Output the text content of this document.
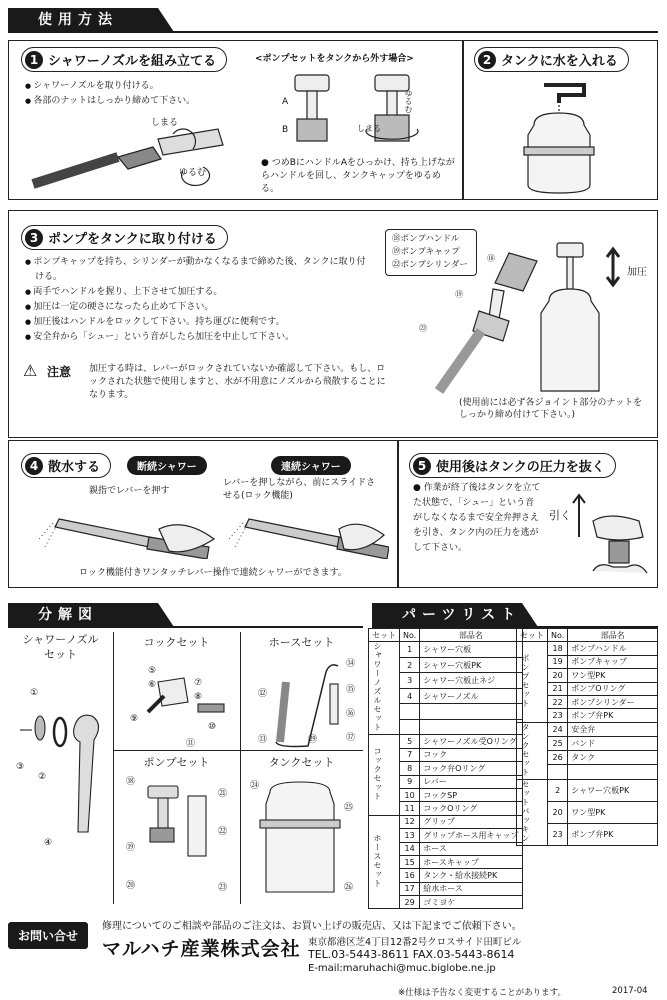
使用方法
1 シャワーノズルを組み立てる
● シャワーノズルを取り付ける。
● 各部のナットはしっかり締めて下さい。
しまる
ゆるむ
<ポンプセットをタンクから外す場合>
A
B
ゆるむ
しまる
● つめBにハンドルAをひっかけ、持ち上げながらハンドルを回し、タンクキャップをゆるめる。
2 タンクに水を入れる
3 ポンプをタンクに取り付ける
● ポンプキャップを持ち、シリンダーが動かなくなるまで締めた後、タンクに取り付ける。
● 両手でハンドルを握り、上下させて加圧する。
● 加圧は一定の硬さになったら止めて下さい。
● 加圧後はハンドルをロックして下さい。持ち運びに便利です。
● 安全弁から「シュー」という音がしたら加圧を中止して下さい。
⚠ 注意 加圧する時は、レバーがロックされていないか確認して下さい。もし、ロックされた状態で使用しますと、水が不用意にノズルから飛散することになります。
⑱ポンプハンドル
⑲ポンプキャップ
㉒ポンプシリンダー
⑱
⑲
㉒
加圧
(使用前には必ず各ジョイント部分のナットをしっかり締め付けて下さい。)
4 散水する	断続シャワー	連続シャワー
親指でレバーを押す
レバーを押しながら、前にスライドさせる(ロック機能)
ロック機能付きワンタッチレバー操作で連続シャワーができます。
5 使用後はタンクの圧力を抜く
● 作業が終了後はタンクを立てた状態で、「シュー」という音がしなくなるまで安全弁押さえを引き、タンク内の圧力を逃がして下さい。
引く
分解図
シャワーノズル
セット
コックセット	ホースセット
ポンプセット	タンクセット
①
②
③
④
⑤
⑥	⑦
⑧
⑨
⑩
⑪
⑫
⑬
⑭
⑮
⑯
⑰
㉙
⑱
⑲
⑳
㉑
㉒
㉓
㉔
㉕
㉖
パーツリスト
セット	No.	部品名
シャワーノズルセット	1	シャワー穴板
	2	シャワー穴板PK
	3	シャワー穴板止ネジ
	4	シャワーノズル

コックセット	5	シャワーノズル受Oリング
	7	コック
	8	コック弁Oリング
	9	レバー
	10	コックSP
	11	コックOリング
ホースセット	12	グリップ
	13	グリップホース用キャップ
	14	ホース
	15	ホースキャップ
	16	タンク・給水接続PK
	17	給水ホース
	29	ゴミヨケ
セット	No.	部品名
ポンプセット	18	ポンプハンドル
	19	ポンプキャップ
	20	ワン型PK
	21	ポンプOリング
	22	ポンプシリンダー
	23	ポンプ弁PK
タンクセット	24	安全弁
	25	バンド
	26	タンク

セットパッキン	2	シャワー穴板PK
	20	ワン型PK
	23	ポンプ弁PK
お問い合せ
修理についてのご相談や部品のご注文は、お買い上げの販売店、又は下記までご依頼下さい。
マルハチ産業株式会社 東京都港区芝4丁目12番2号クロスサイド田町ビル
TEL.03-5443-8611 FAX.03-5443-8614
E-mail:maruhachi@muc.biglobe.ne.jp
※仕様は予告なく変更することがあります。	2017-04
